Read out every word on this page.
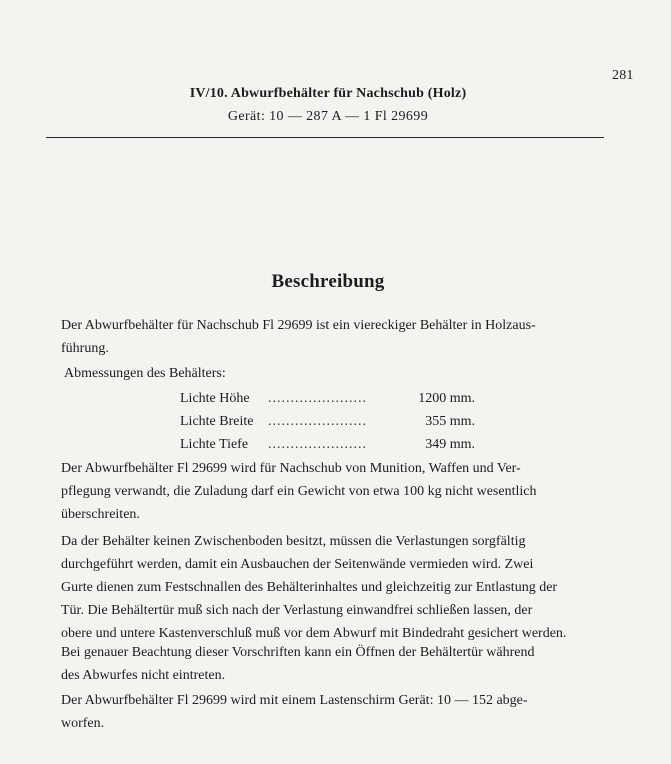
281
IV/10. Abwurfbehälter für Nachschub (Holz)
Gerät: 10 — 287 A — 1 Fl 29699
Beschreibung
Der Abwurfbehälter für Nachschub Fl 29699 ist ein viereckiger Behälter in Holzaus-
führung.
Abmessungen des Behälters:
Lichte Höhe ......................	1200 mm.
Lichte Breite ......................	355 mm.
Lichte Tiefe ......................	349 mm.
Der Abwurfbehälter Fl 29699 wird für Nachschub von Munition, Waffen und Ver-
pflegung verwandt, die Zuladung darf ein Gewicht von etwa 100 kg nicht wesentlich
überschreiten.
Da der Behälter keinen Zwischenboden besitzt, müssen die Verlastungen sorgfältig
durchgeführt werden, damit ein Ausbauchen der Seitenwände vermieden wird. Zwei
Gurte dienen zum Festschnallen des Behälterinhaltes und gleichzeitig zur Entlastung der
Tür. Die Behältertür muß sich nach der Verlastung einwandfrei schließen lassen, der
obere und untere Kastenverschluß muß vor dem Abwurf mit Bindedraht gesichert werden.
Bei genauer Beachtung dieser Vorschriften kann ein Öffnen der Behältertür während
des Abwurfes nicht eintreten.
Der Abwurfbehälter Fl 29699 wird mit einem Lastenschirm Gerät: 10 — 152 abge-
worfen.
